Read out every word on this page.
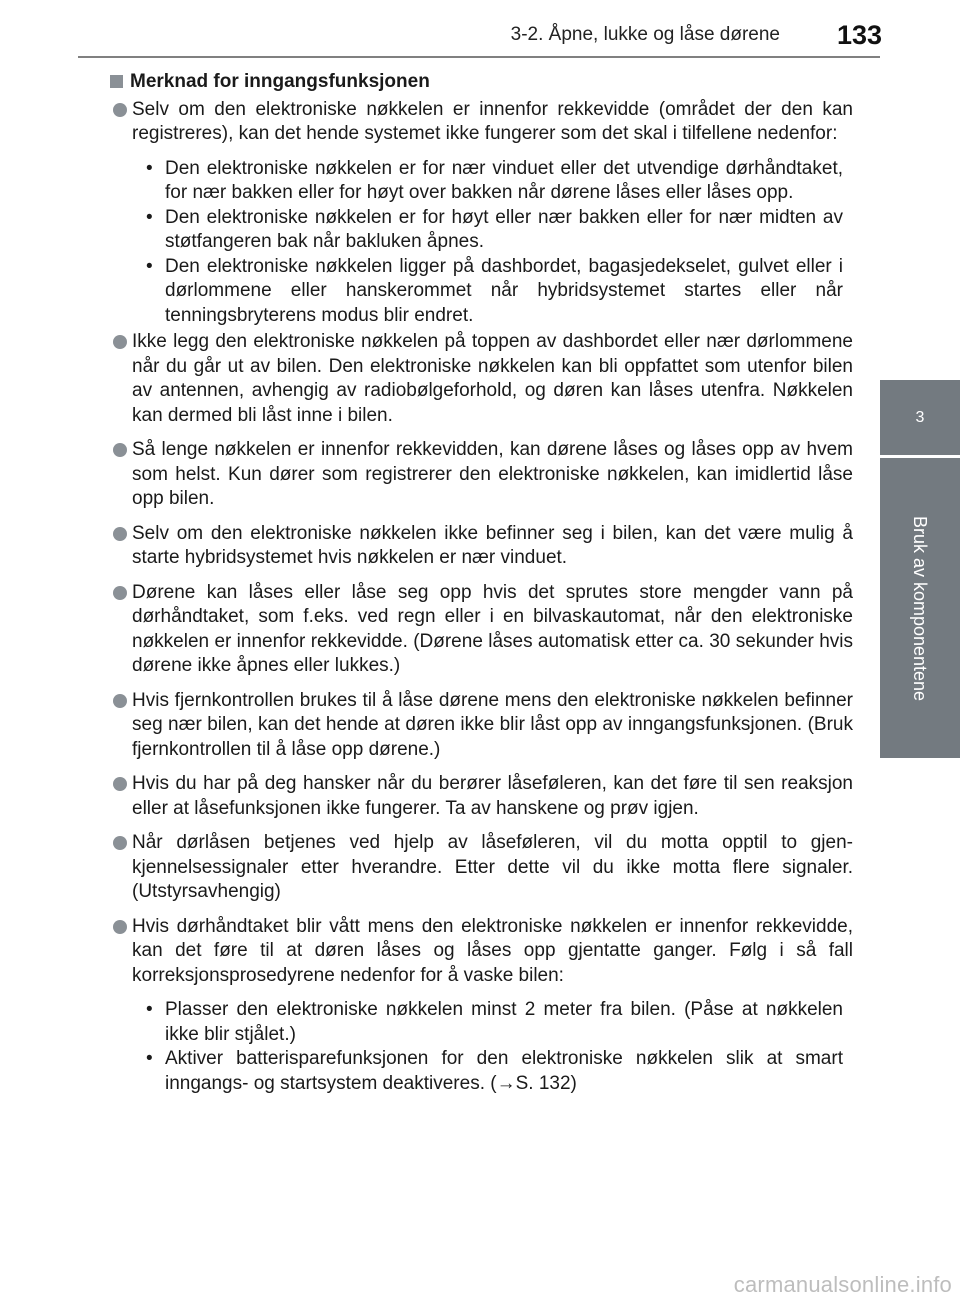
3-2. Åpne, lukke og låse dørene 133
3
Bruk av komponentene
Merknad for inngangsfunksjonen
Selv om den elektroniske nøkkelen er innenfor rekkevidde (området der den kan registreres), kan det hende systemet ikke fungerer som det skal i tilfellene nedenfor:
• Den elektroniske nøkkelen er for nær vinduet eller det utvendige dørhåndtaket, for nær bakken eller for høyt over bakken når dørene låses eller låses opp.
• Den elektroniske nøkkelen er for høyt eller nær bakken eller for nær midten av støtfangeren bak når bakluken åpnes.
• Den elektroniske nøkkelen ligger på dashbordet, bagasjedekselet, gulvet eller i dørlommene eller hanskerommet når hybridsystemet startes eller når tenningsbryterens modus blir endret.
Ikke legg den elektroniske nøkkelen på toppen av dashbordet eller nær dørlommene når du går ut av bilen. Den elektroniske nøkkelen kan bli oppfattet som utenfor bilen av antennen, avhengig av radiobølgeforhold, og døren kan låses utenfra. Nøkkelen kan dermed bli låst inne i bilen.
Så lenge nøkkelen er innenfor rekkevidden, kan dørene låses og låses opp av hvem som helst. Kun dører som registrerer den elektroniske nøkkelen, kan imidlertid låse opp bilen.
Selv om den elektroniske nøkkelen ikke befinner seg i bilen, kan det være mulig å starte hybridsystemet hvis nøkkelen er nær vinduet.
Dørene kan låses eller låse seg opp hvis det sprutes store mengder vann på dørhåndtaket, som f.eks. ved regn eller i en bilvaskautomat, når den elektroniske nøkkelen er innenfor rekkevidde. (Dørene låses automatisk etter ca. 30 sekunder hvis dørene ikke åpnes eller lukkes.)
Hvis fjernkontrollen brukes til å låse dørene mens den elektroniske nøkkelen befinner seg nær bilen, kan det hende at døren ikke blir låst opp av inngangsfunksjonen. (Bruk fjernkontrollen til å låse opp dørene.)
Hvis du har på deg hansker når du berører låseføleren, kan det føre til sen reaksjon eller at låsefunksjonen ikke fungerer. Ta av hanskene og prøv igjen.
Når dørlåsen betjenes ved hjelp av låseføleren, vil du motta opptil to gjenkjennelsessignaler etter hverandre. Etter dette vil du ikke motta flere signaler. (Utstyrsavhengig)
Hvis dørhåndtaket blir vått mens den elektroniske nøkkelen er innenfor rekkevidde, kan det føre til at døren låses og låses opp gjentatte ganger. Følg i så fall korreksjonsprosedyrene nedenfor for å vaske bilen:
• Plasser den elektroniske nøkkelen minst 2 meter fra bilen. (Påse at nøkkelen ikke blir stjålet.)
• Aktiver batterisparefunksjonen for den elektroniske nøkkelen slik at smart inngangs- og startsystem deaktiveres. (→S. 132)
carmanualsonline.info
